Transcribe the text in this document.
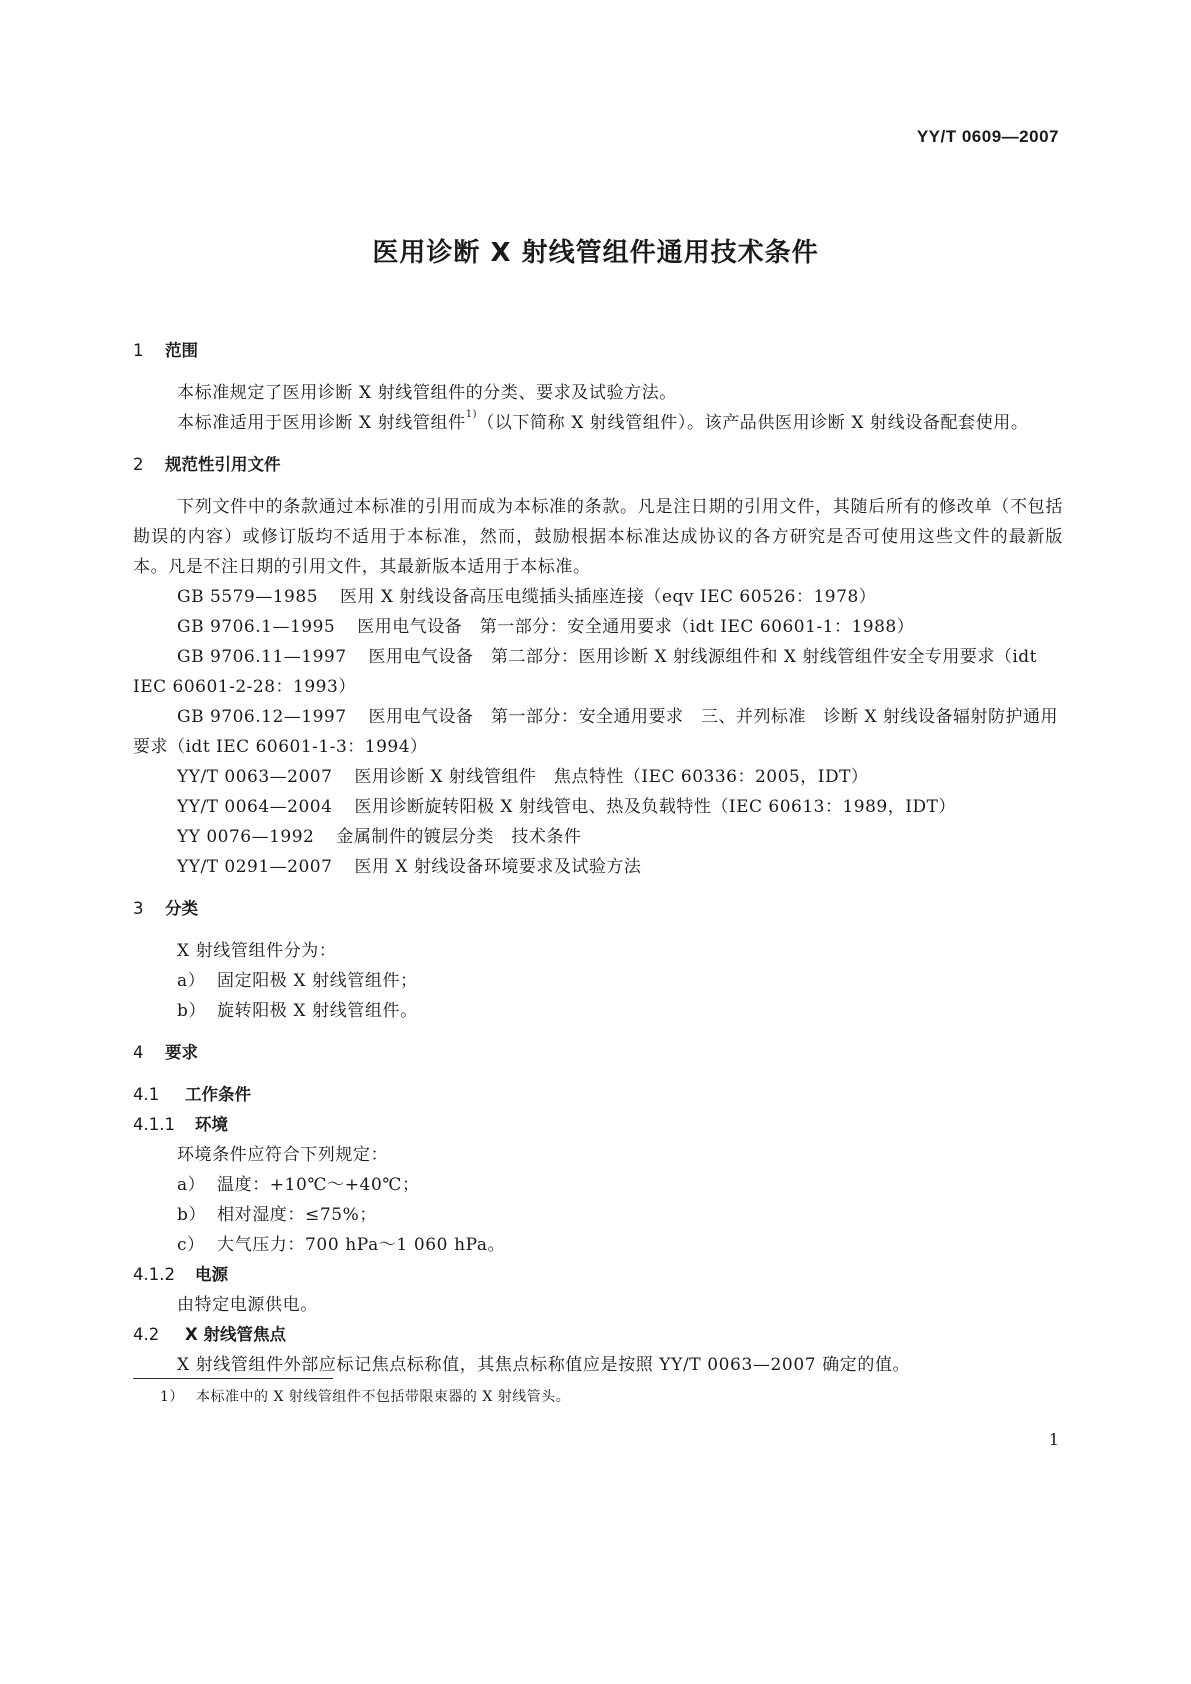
YY/T 0609—2007
医用诊断 X 射线管组件通用技术条件
1 范围

本标准规定了医用诊断 X 射线管组件的分类、要求及试验方法。

本标准适用于医用诊断 X 射线管组件$^{1)}$（以下简称 X 射线管组件）。该产品供医用诊断 X 射线设备配套使用。

2 规范性引用文件

下列文件中的条款通过本标准的引用而成为本标准的条款。凡是注日期的引用文件，其随后所有的修改单（不包括勘误的内容）或修订版均不适用于本标准，然而，鼓励根据本标准达成协议的各方研究是否可使用这些文件的最新版本。凡是不注日期的引用文件，其最新版本适用于本标准。

GB 5579—1985 医用 X 射线设备高压电缆插头插座连接（eqv IEC 60526：1978）

GB 9706.1—1995 医用电气设备　第一部分：安全通用要求（idt IEC 60601-1：1988）

GB 9706.11—1997 医用电气设备　第二部分：医用诊断 X 射线源组件和 X 射线管组件安全专用要求（idt IEC 60601-2-28：1993）

GB 9706.12—1997 医用电气设备　第一部分：安全通用要求　三、并列标准　诊断 X 射线设备辐射防护通用要求（idt IEC 60601-1-3：1994）

YY/T 0063—2007 医用诊断 X 射线管组件　焦点特性（IEC 60336：2005，IDT）

YY/T 0064—2004 医用诊断旋转阳极 X 射线管电、热及负载特性（IEC 60613：1989，IDT）

YY 0076—1992 金属制件的镀层分类　技术条件

YY/T 0291—2007 医用 X 射线设备环境要求及试验方法

3 分类

X 射线管组件分为：

a） 固定阳极 X 射线管组件；

b） 旋转阳极 X 射线管组件。

4 要求
4.1 工作条件
4.1.1 环境

环境条件应符合下列规定：

a） 温度：+10℃～+40℃；

b） 相对湿度：≤75%；

c） 大气压力：700 hPa～1 060 hPa。

4.1.2 电源

由特定电源供电。

4.2 X 射线管焦点

X 射线管组件外部应标记焦点标称值，其焦点标称值应是按照 YY/T 0063—2007 确定的值。

1） 本标准中的 X 射线管组件不包括带限束器的 X 射线管头。
1
